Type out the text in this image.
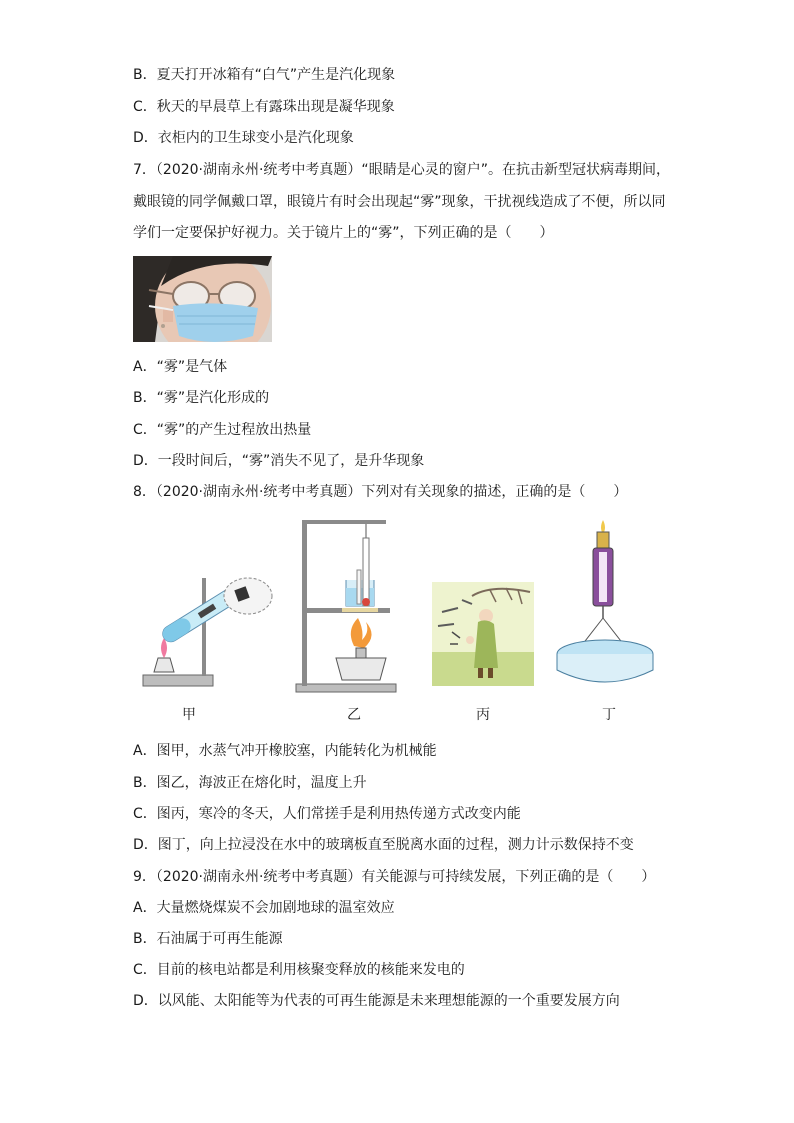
B．夏天打开冰箱有“白气”产生是汽化现象
C．秋天的早晨草上有露珠出现是凝华现象
D．衣柜内的卫生球变小是汽化现象
7．（2020·湖南永州·统考中考真题）“眼睛是心灵的窗户”。在抗击新型冠状病毒期间，
戴眼镜的同学佩戴口罩，眼镜片有时会出现起“雾”现象，干扰视线造成了不便，所以同
学们一定要保护好视力。关于镜片上的“雾”，下列正确的是（　　）
A．“雾”是气体
B．“雾”是汽化形成的
C．“雾”的产生过程放出热量
D．一段时间后，“雾”消失不见了，是升华现象
8．（2020·湖南永州·统考中考真题）下列对有关现象的描述，正确的是（　　）
甲	乙	丙	丁
A．图甲，水蒸气冲开橡胶塞，内能转化为机械能
B．图乙，海波正在熔化时，温度上升
C．图丙，寒冷的冬天，人们常搓手是利用热传递方式改变内能
D．图丁，向上拉浸没在水中的玻璃板直至脱离水面的过程，测力计示数保持不变
9．（2020·湖南永州·统考中考真题）有关能源与可持续发展，下列正确的是（　　）
A．大量燃烧煤炭不会加剧地球的温室效应
B．石油属于可再生能源
C．目前的核电站都是利用核聚变释放的核能来发电的
D．以风能、太阳能等为代表的可再生能源是未来理想能源的一个重要发展方向
